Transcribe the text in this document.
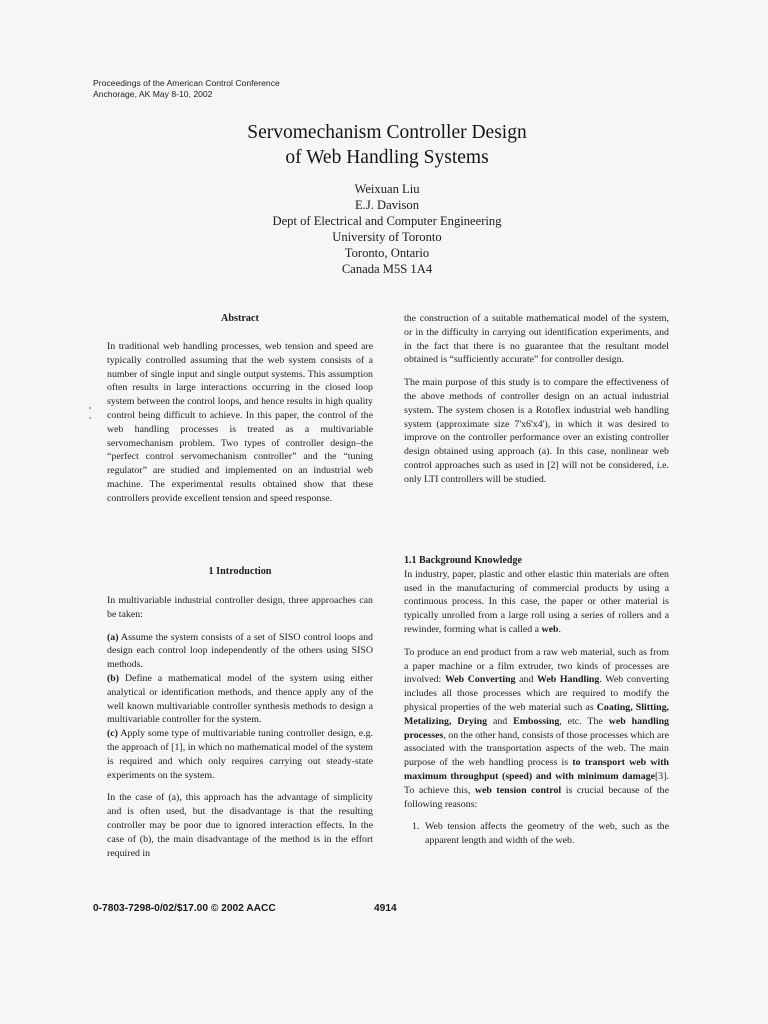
Proceedings of the American Control Conference
Anchorage, AK May 8-10, 2002
Servomechanism Controller Design
of Web Handling Systems
Weixuan Liu
E.J. Davison
Dept of Electrical and Computer Engineering
University of Toronto
Toronto, Ontario
Canada M5S 1A4
Abstract

In traditional web handling processes, web tension and speed are typically controlled assuming that the web system consists of a number of single input and single output systems. This assumption often results in large interactions occurring in the closed loop system between the control loops, and hence results in high quality control being difficult to achieve. In this paper, the control of the web handling processes is treated as a multivariable servomechanism problem. Two types of controller design–the “perfect control servomechanism controller” and the “tuning regulator” are studied and implemented on an industrial web machine. The experimental results obtained show that these controllers provide excellent tension and speed response.

1 Introduction

In multivariable industrial controller design, three approaches can be taken:

(a) Assume the system consists of a set of SISO control loops and design each control loop independently of the others using SISO methods.

(b) Define a mathematical model of the system using either analytical or identification methods, and thence apply any of the well known multivariable controller synthesis methods to design a multivariable controller for the system.

(c) Apply some type of multivariable tuning controller design, e.g. the approach of [1], in which no mathematical model of the system is required and which only requires carrying out steady-state experiments on the system.

In the case of (a), this approach has the advantage of simplicity and is often used, but the disadvantage is that the resulting controller may be poor due to ignored interaction effects. In the case of (b), the main disadvantage of the method is in the effort required in

the construction of a suitable mathematical model of the system, or in the difficulty in carrying out identification experiments, and in the fact that there is no guarantee that the resultant model obtained is “sufficiently accurate” for controller design.

The main purpose of this study is to compare the effectiveness of the above methods of controller design on an actual industrial system. The system chosen is a Rotoflex industrial web handling system (approximate size 7'x6'x4'), in which it was desired to improve on the controller performance over an existing controller design obtained using approach (a). In this case, nonlinear web control approaches such as used in [2] will not be considered, i.e. only LTI controllers will be studied.

1.1 Background Knowledge

In industry, paper, plastic and other elastic thin materials are often used in the manufacturing of commercial products by using a continuous process. In this case, the paper or other material is typically unrolled from a large roll using a series of rollers and a rewinder, forming what is called a web.

To produce an end product from a raw web material, such as from a paper machine or a film extruder, two kinds of processes are involved: Web Converting and Web Handling. Web converting includes all those processes which are required to modify the physical properties of the web material such as Coating, Slitting, Metalizing, Drying and Embossing, etc. The web handling processes, on the other hand, consists of those processes which are associated with the transportation aspects of the web. The main purpose of the web handling process is to transport web with maximum throughput (speed) and with minimum damage[3]. To achieve this, web tension control is crucial because of the following reasons:

1. Web tension affects the geometry of the web, such as the apparent length and width of the web.
0-7803-7298-0/02/$17.00 © 2002 AACC	4914
